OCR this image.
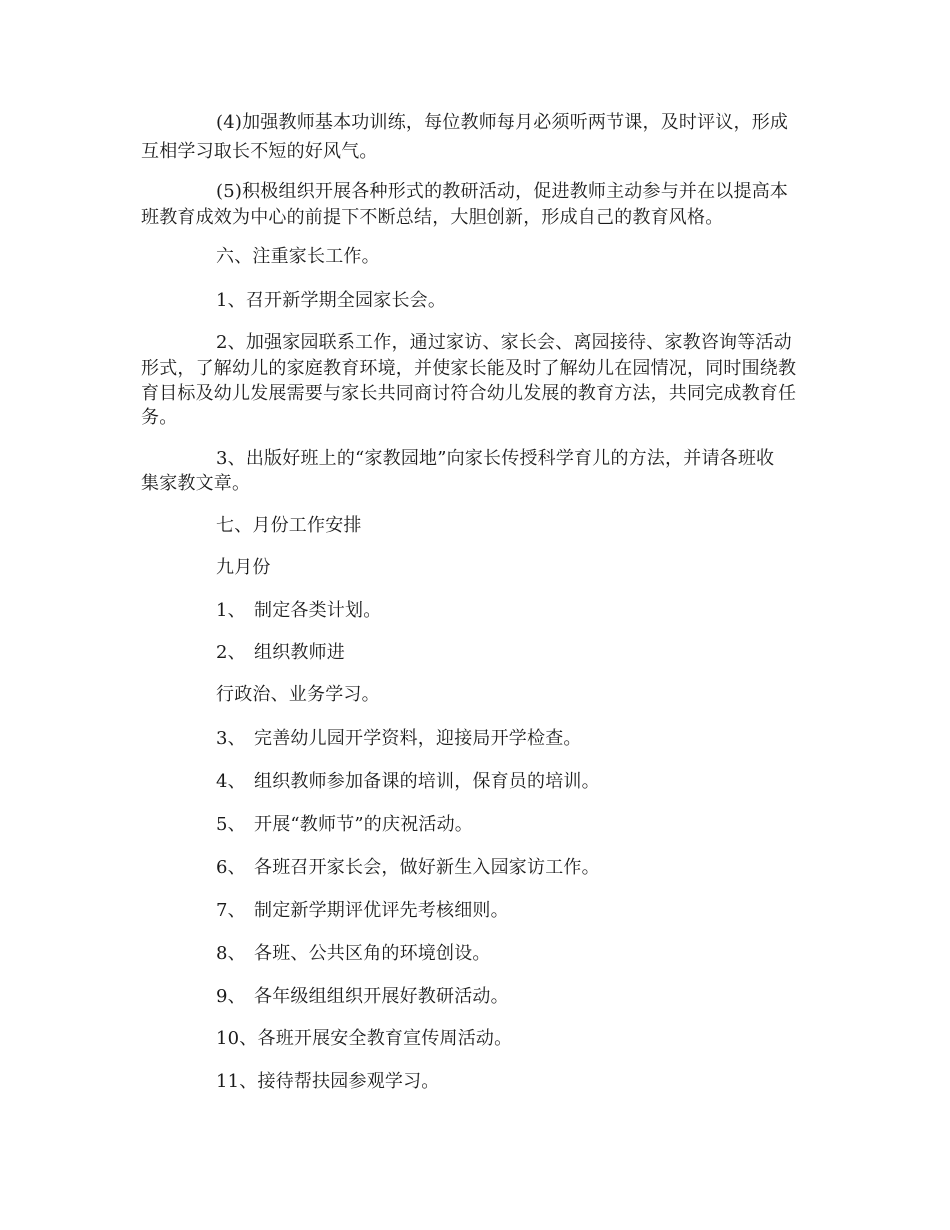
(4)加强教师基本功训练，每位教师每月必须听两节课，及时评议，形成
互相学习取长不短的好风气。
(5)积极组织开展各种形式的教研活动，促进教师主动参与并在以提高本
班教育成效为中心的前提下不断总结，大胆创新，形成自己的教育风格。
六、注重家长工作。
1、召开新学期全园家长会。
2、加强家园联系工作，通过家访、家长会、离园接待、家教咨询等活动
形式，了解幼儿的家庭教育环境，并使家长能及时了解幼儿在园情况，同时围绕教
育目标及幼儿发展需要与家长共同商讨符合幼儿发展的教育方法，共同完成教育任
务。
3、出版好班上的“家教园地”向家长传授科学育儿的方法，并请各班收
集家教文章。
七、月份工作安排
九月份
1、 制定各类计划。
2、 组织教师进
行政治、业务学习。
3、 完善幼儿园开学资料，迎接局开学检查。
4、 组织教师参加备课的培训，保育员的培训。
5、 开展“教师节”的庆祝活动。
6、 各班召开家长会，做好新生入园家访工作。
7、 制定新学期评优评先考核细则。
8、 各班、公共区角的环境创设。
9、 各年级组组织开展好教研活动。
10、各班开展安全教育宣传周活动。
11、接待帮扶园参观学习。
